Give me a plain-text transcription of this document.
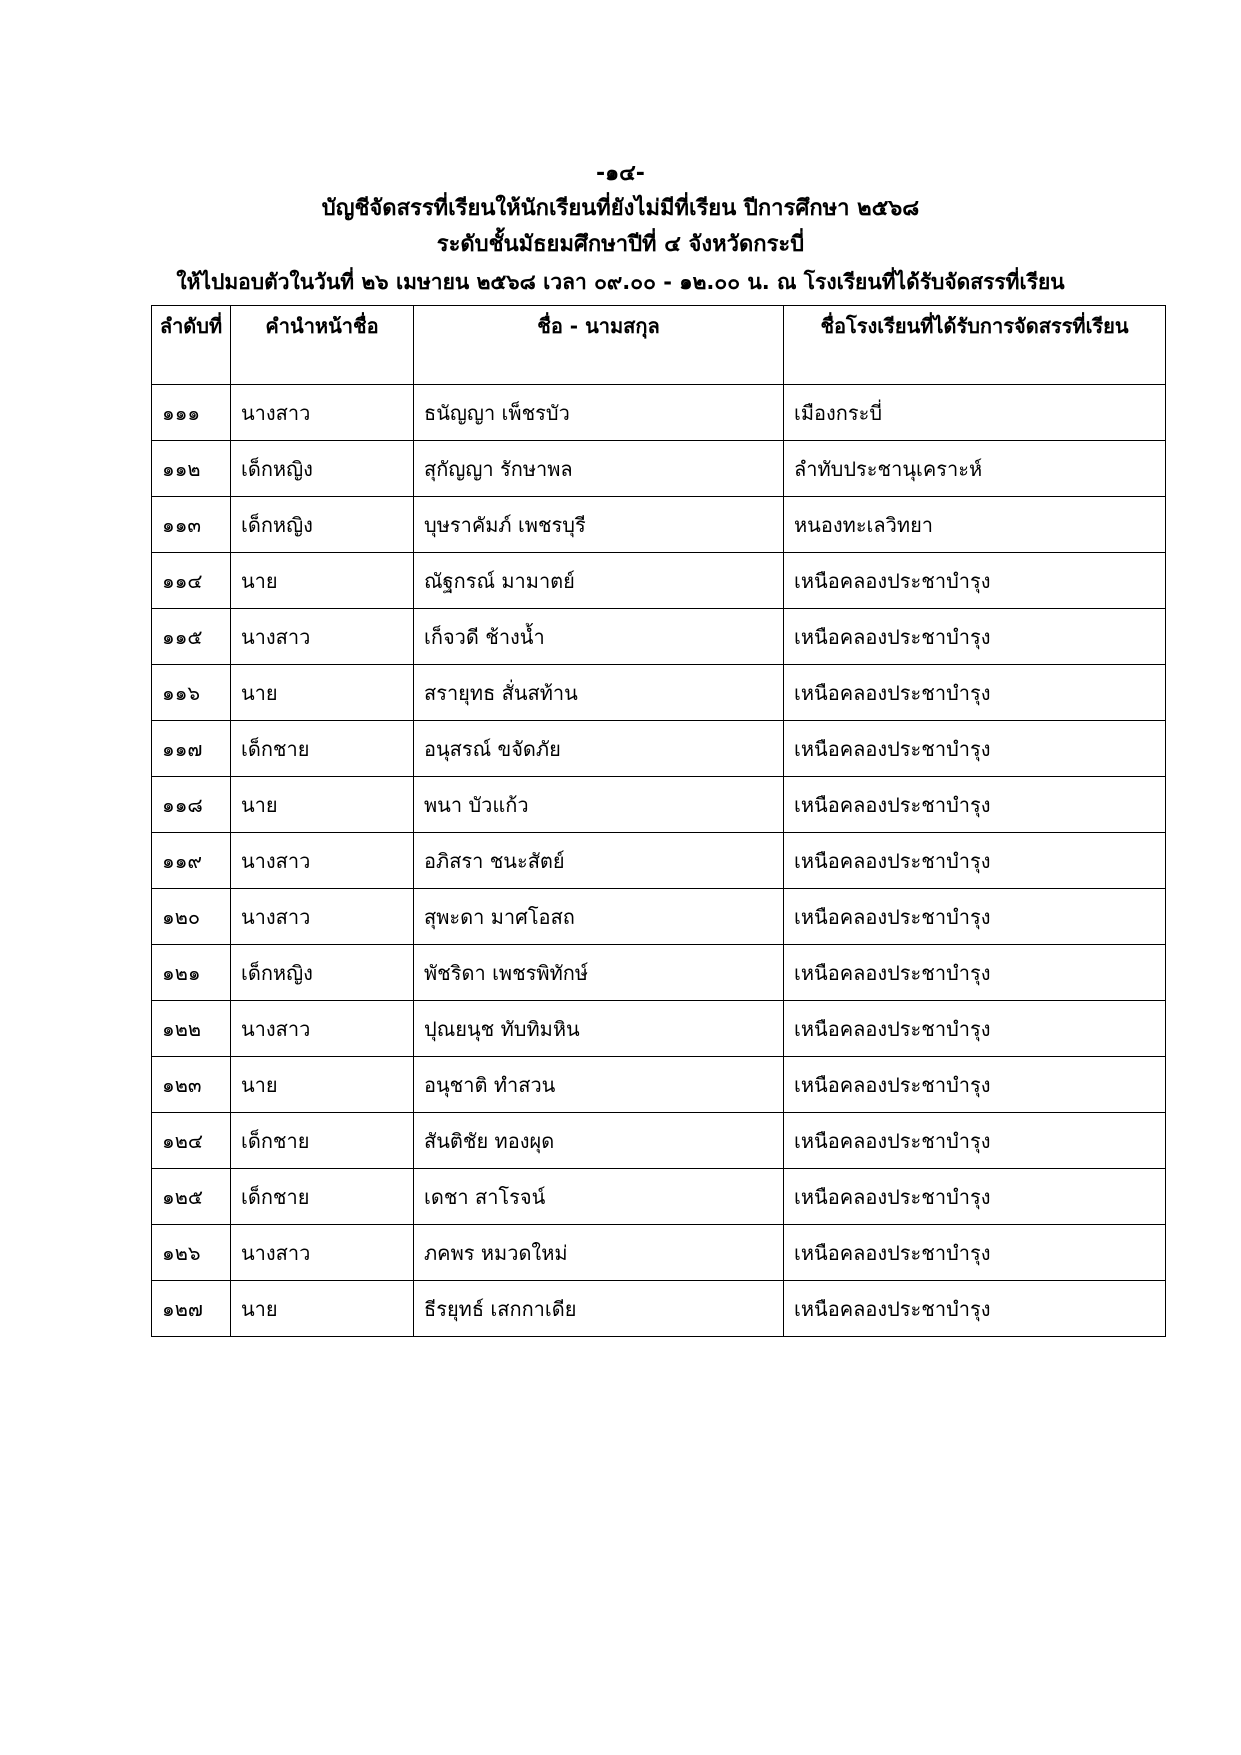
-๑๔-
บัญชีจัดสรรที่เรียนให้นักเรียนที่ยังไม่มีที่เรียน ปีการศึกษา ๒๕๖๘
ระดับชั้นมัธยมศึกษาปีที่ ๔ จังหวัดกระบี่
ให้ไปมอบตัวในวันที่ ๒๖ เมษายน ๒๕๖๘ เวลา ๐๙.๐๐ - ๑๒.๐๐ น. ณ โรงเรียนที่ได้รับจัดสรรที่เรียน
ลำดับที่	คำนำหน้าชื่อ	ชื่อ - นามสกุล	ชื่อโรงเรียนที่ได้รับการจัดสรรที่เรียน
๑๑๑	นางสาว	ธนัญญา เพ็ชรบัว	เมืองกระบี่
๑๑๒	เด็กหญิง	สุกัญญา รักษาพล	ลำทับประชานุเคราะห์
๑๑๓	เด็กหญิง	บุษราคัมภ์ เพชรบุรี	หนองทะเลวิทยา
๑๑๔	นาย	ณัฐกรณ์ มามาตย์	เหนือคลองประชาบำรุง
๑๑๕	นางสาว	เก็จวดี ช้างน้ำ	เหนือคลองประชาบำรุง
๑๑๖	นาย	สรายุทธ สั่นสท้าน	เหนือคลองประชาบำรุง
๑๑๗	เด็กชาย	อนุสรณ์ ขจัดภัย	เหนือคลองประชาบำรุง
๑๑๘	นาย	พนา บัวแก้ว	เหนือคลองประชาบำรุง
๑๑๙	นางสาว	อภิสรา ชนะสัตย์	เหนือคลองประชาบำรุง
๑๒๐	นางสาว	สุพะดา มาศโอสถ	เหนือคลองประชาบำรุง
๑๒๑	เด็กหญิง	พัชริดา เพชรพิทักษ์	เหนือคลองประชาบำรุง
๑๒๒	นางสาว	ปุณยนุช ทับทิมหิน	เหนือคลองประชาบำรุง
๑๒๓	นาย	อนุชาติ ทำสวน	เหนือคลองประชาบำรุง
๑๒๔	เด็กชาย	สันติชัย ทองผุด	เหนือคลองประชาบำรุง
๑๒๕	เด็กชาย	เดชา สาโรจน์	เหนือคลองประชาบำรุง
๑๒๖	นางสาว	ภคพร หมวดใหม่	เหนือคลองประชาบำรุง
๑๒๗	นาย	ธีรยุทธ์ เสกกาเดีย	เหนือคลองประชาบำรุง
